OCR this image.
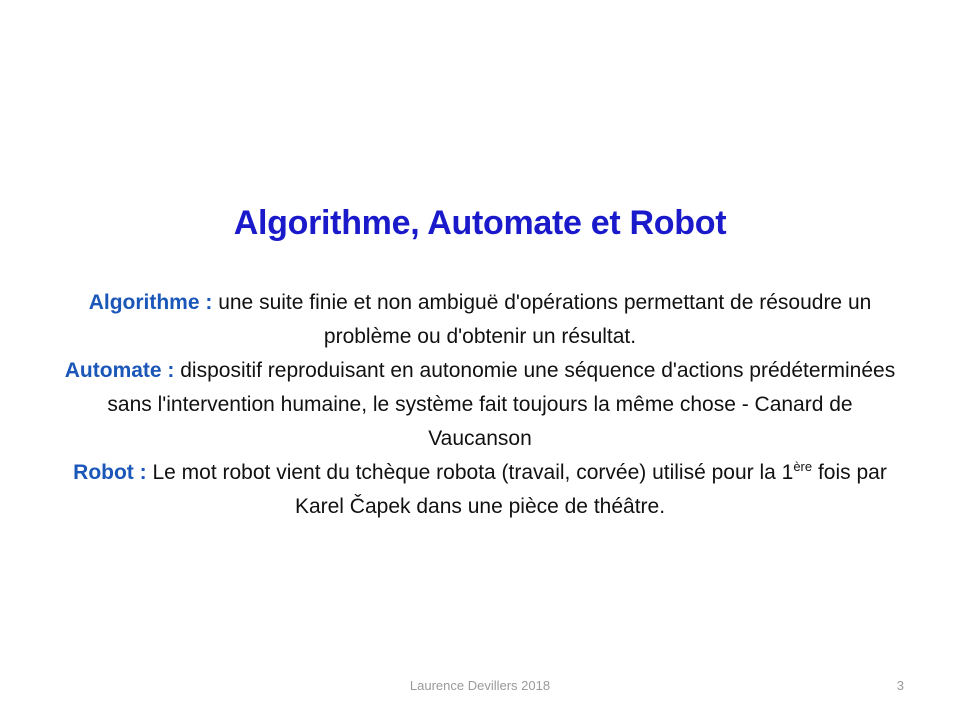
Algorithme, Automate et Robot

Algorithme : une suite finie et non ambiguë d'opérations permettant de résoudre un problème ou d'obtenir un résultat.

Automate : dispositif reproduisant en autonomie une séquence d'actions prédéterminées sans l'intervention humaine, le système fait toujours la même chose - Canard de Vaucanson

Robot : Le mot robot vient du tchèque robota (travail, corvée) utilisé pour la 1ère fois par Karel Čapek dans une pièce de théâtre.

Laurence Devillers 2018	3
